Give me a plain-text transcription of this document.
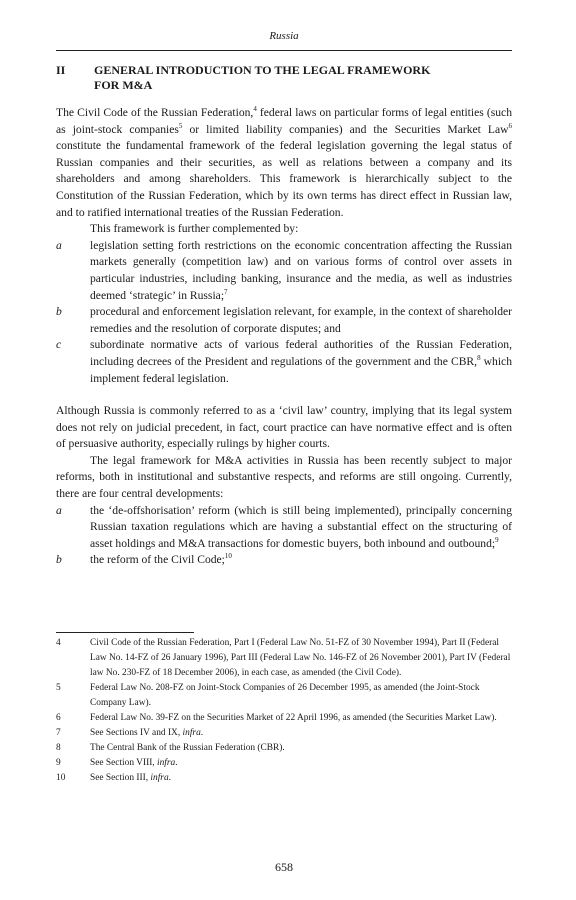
Russia
II	GENERAL INTRODUCTION TO THE LEGAL FRAMEWORK
FOR M&A

The Civil Code of the Russian Federation,$^4$ federal laws on particular forms of legal entities (such as joint-stock companies$^5$ or limited liability companies) and the Securities Market Law$^6$ constitute the fundamental framework of the federal legislation governing the legal status of Russian companies and their securities, as well as relations between a company and its shareholders and among shareholders. This framework is hierarchically subject to the Constitution of the Russian Federation, which by its own terms has direct effect in Russian law, and to ratified international treaties of the Russian Federation.

This framework is further complemented by:

a	legislation setting forth restrictions on the economic concentration affecting the Russian markets generally (competition law) and on various forms of control over assets in particular industries, including banking, insurance and the media, as well as industries deemed ‘strategic’ in Russia;$^7$
b	procedural and enforcement legislation relevant, for example, in the context of shareholder remedies and the resolution of corporate disputes; and
c	subordinate normative acts of various federal authorities of the Russian Federation, including decrees of the President and regulations of the government and the CBR,$^8$ which implement federal legislation.

Although Russia is commonly referred to as a ‘civil law’ country, implying that its legal system does not rely on judicial precedent, in fact, court practice can have normative effect and is often of persuasive authority, especially rulings by higher courts.

The legal framework for M&A activities in Russia has been recently subject to major reforms, both in institutional and substantive respects, and reforms are still ongoing. Currently, there are four central developments:

a	the ‘de-offshorisation’ reform (which is still being implemented), principally concerning Russian taxation regulations which are having a substantial effect on the structuring of asset holdings and M&A transactions for domestic buyers, both inbound and outbound;$^9$
b	the reform of the Civil Code;$^{10}$
4	Civil Code of the Russian Federation, Part I (Federal Law No. 51-FZ of 30 November 1994), Part II (Federal Law No. 14-FZ of 26 January 1996), Part III (Federal Law No. 146-FZ of 26 November 2001), Part IV (Federal law No. 230-FZ of 18 December 2006), in each case, as amended (the Civil Code).
5	Federal Law No. 208-FZ on Joint-Stock Companies of 26 December 1995, as amended (the Joint-Stock Company Law).
6	Federal Law No. 39-FZ on the Securities Market of 22 April 1996, as amended (the Securities Market Law).
7	See Sections IV and IX, infra.
8	The Central Bank of the Russian Federation (CBR).
9	See Section VIII, infra.
10	See Section III, infra.
658
